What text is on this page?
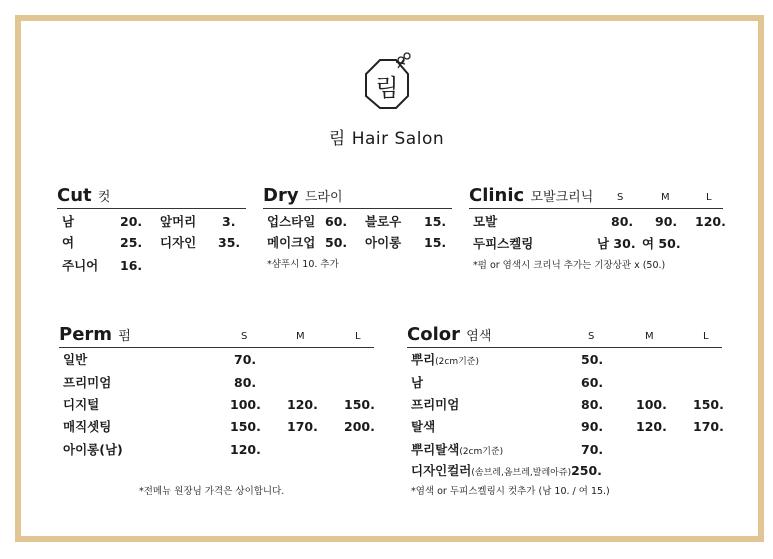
림
림 Hair Salon
Cut 컷
남	20. 앞머리 3.
여	25. 디자인 35.
주니어 16.
Dry 드라이
업스타일 60. 블로우 15.
메이크업 50. 아이롱 15.
*샴푸시 10. 추가
Clinic 모발크리닉 S	M	L
모발	80. 90. 120.
두피스켈링	남 30. 여 50.
*펌 or 염색시 크리닉 추가는 기장상관 x (50.)
Perm 펌	S	M	L
일반	70.
프리미엄	80.
디지털	100. 120. 150.
매직셋팅	150. 170. 200.
아이롱(남)	120.
*전메뉴 원장님 가격은 상이합니다.
Color 염색	S	M	L
뿌리(2cm기준)	50.
남	60.
프리미엄	80.	100. 150.
탈색	90.	120. 170.
뿌리탈색(2cm기준)	70.
디자인컬러(솜브레,옴브레,발레아쥬)250.
*염색 or 두피스켈링시 컷추가 (남 10. / 여 15.)
